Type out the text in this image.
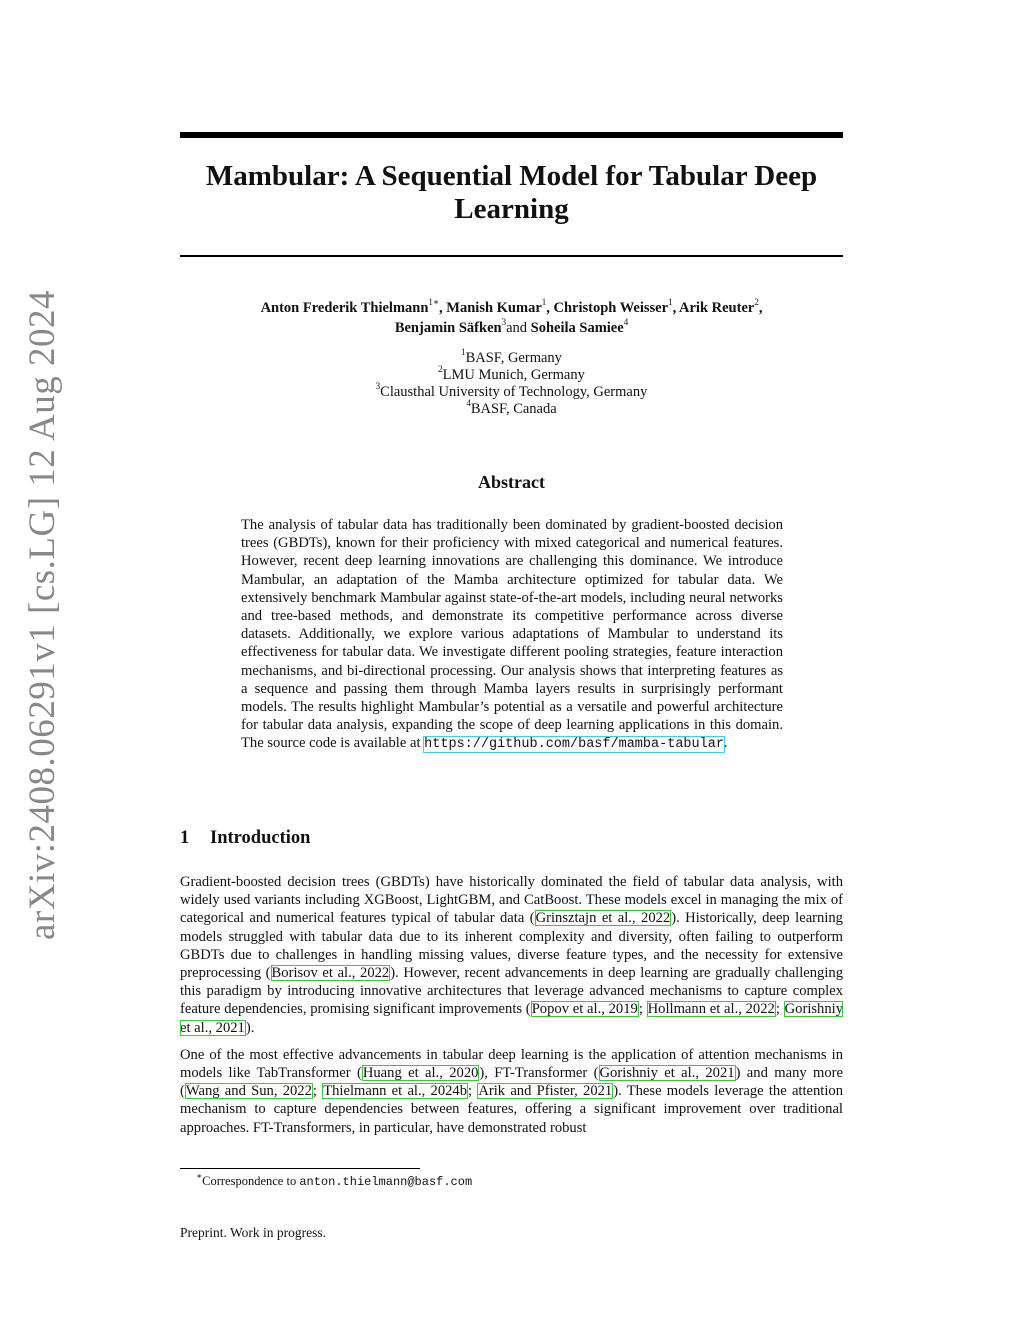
arXiv:2408.06291v1 [cs.LG] 12 Aug 2024
Mambular: A Sequential Model for Tabular Deep Learning
Anton Frederik Thielmann$^{1∗}$, Manish Kumar$^1$, Christoph Weisser$^1$, Arik Reuter$^2$,
Benjamin Säfken$^3$and Soheila Samiee$^4$
$^1$BASF, Germany
$^2$LMU Munich, Germany
$^3$Clausthal University of Technology, Germany
$^4$BASF, Canada
Abstract
The analysis of tabular data has traditionally been dominated by gradient-boosted decision trees (GBDTs), known for their proficiency with mixed categorical and numerical features. However, recent deep learning innovations are challenging this dominance. We introduce Mambular, an adaptation of the Mamba architecture optimized for tabular data. We extensively benchmark Mambular against state-of-the-art models, including neural networks and tree-based methods, and demonstrate its competitive performance across diverse datasets. Additionally, we explore various adaptations of Mambular to understand its effectiveness for tabular data. We investigate different pooling strategies, feature interaction mechanisms, and bi-directional processing. Our analysis shows that interpreting features as a sequence and passing them through Mamba layers results in surprisingly performant models. The results highlight Mambular’s potential as a versatile and powerful architecture for tabular data analysis, expanding the scope of deep learning applications in this domain. The source code is available at https://github.com/basf/mamba-tabular.
1 Introduction

Gradient-boosted decision trees (GBDTs) have historically dominated the field of tabular data analysis, with widely used variants including XGBoost, LightGBM, and CatBoost. These models excel in managing the mix of categorical and numerical features typical of tabular data (Grinsztajn et al., 2022). Historically, deep learning models struggled with tabular data due to its inherent complexity and diversity, often failing to outperform GBDTs due to challenges in handling missing values, diverse feature types, and the necessity for extensive preprocessing (Borisov et al., 2022). However, recent advancements in deep learning are gradually challenging this paradigm by introducing innovative architectures that leverage advanced mechanisms to capture complex feature dependencies, promising significant improvements (Popov et al., 2019; Hollmann et al., 2022; Gorishniy et al., 2021).

One of the most effective advancements in tabular deep learning is the application of attention mechanisms in models like TabTransformer (Huang et al., 2020), FT-Transformer (Gorishniy et al., 2021) and many more (Wang and Sun, 2022; Thielmann et al., 2024b; Arik and Pfister, 2021). These models leverage the attention mechanism to capture dependencies between features, offering a significant improvement over traditional approaches. FT-Transformers, in particular, have demonstrated robust

∗Correspondence to anton.thielmann@basf.com
Preprint. Work in progress.
